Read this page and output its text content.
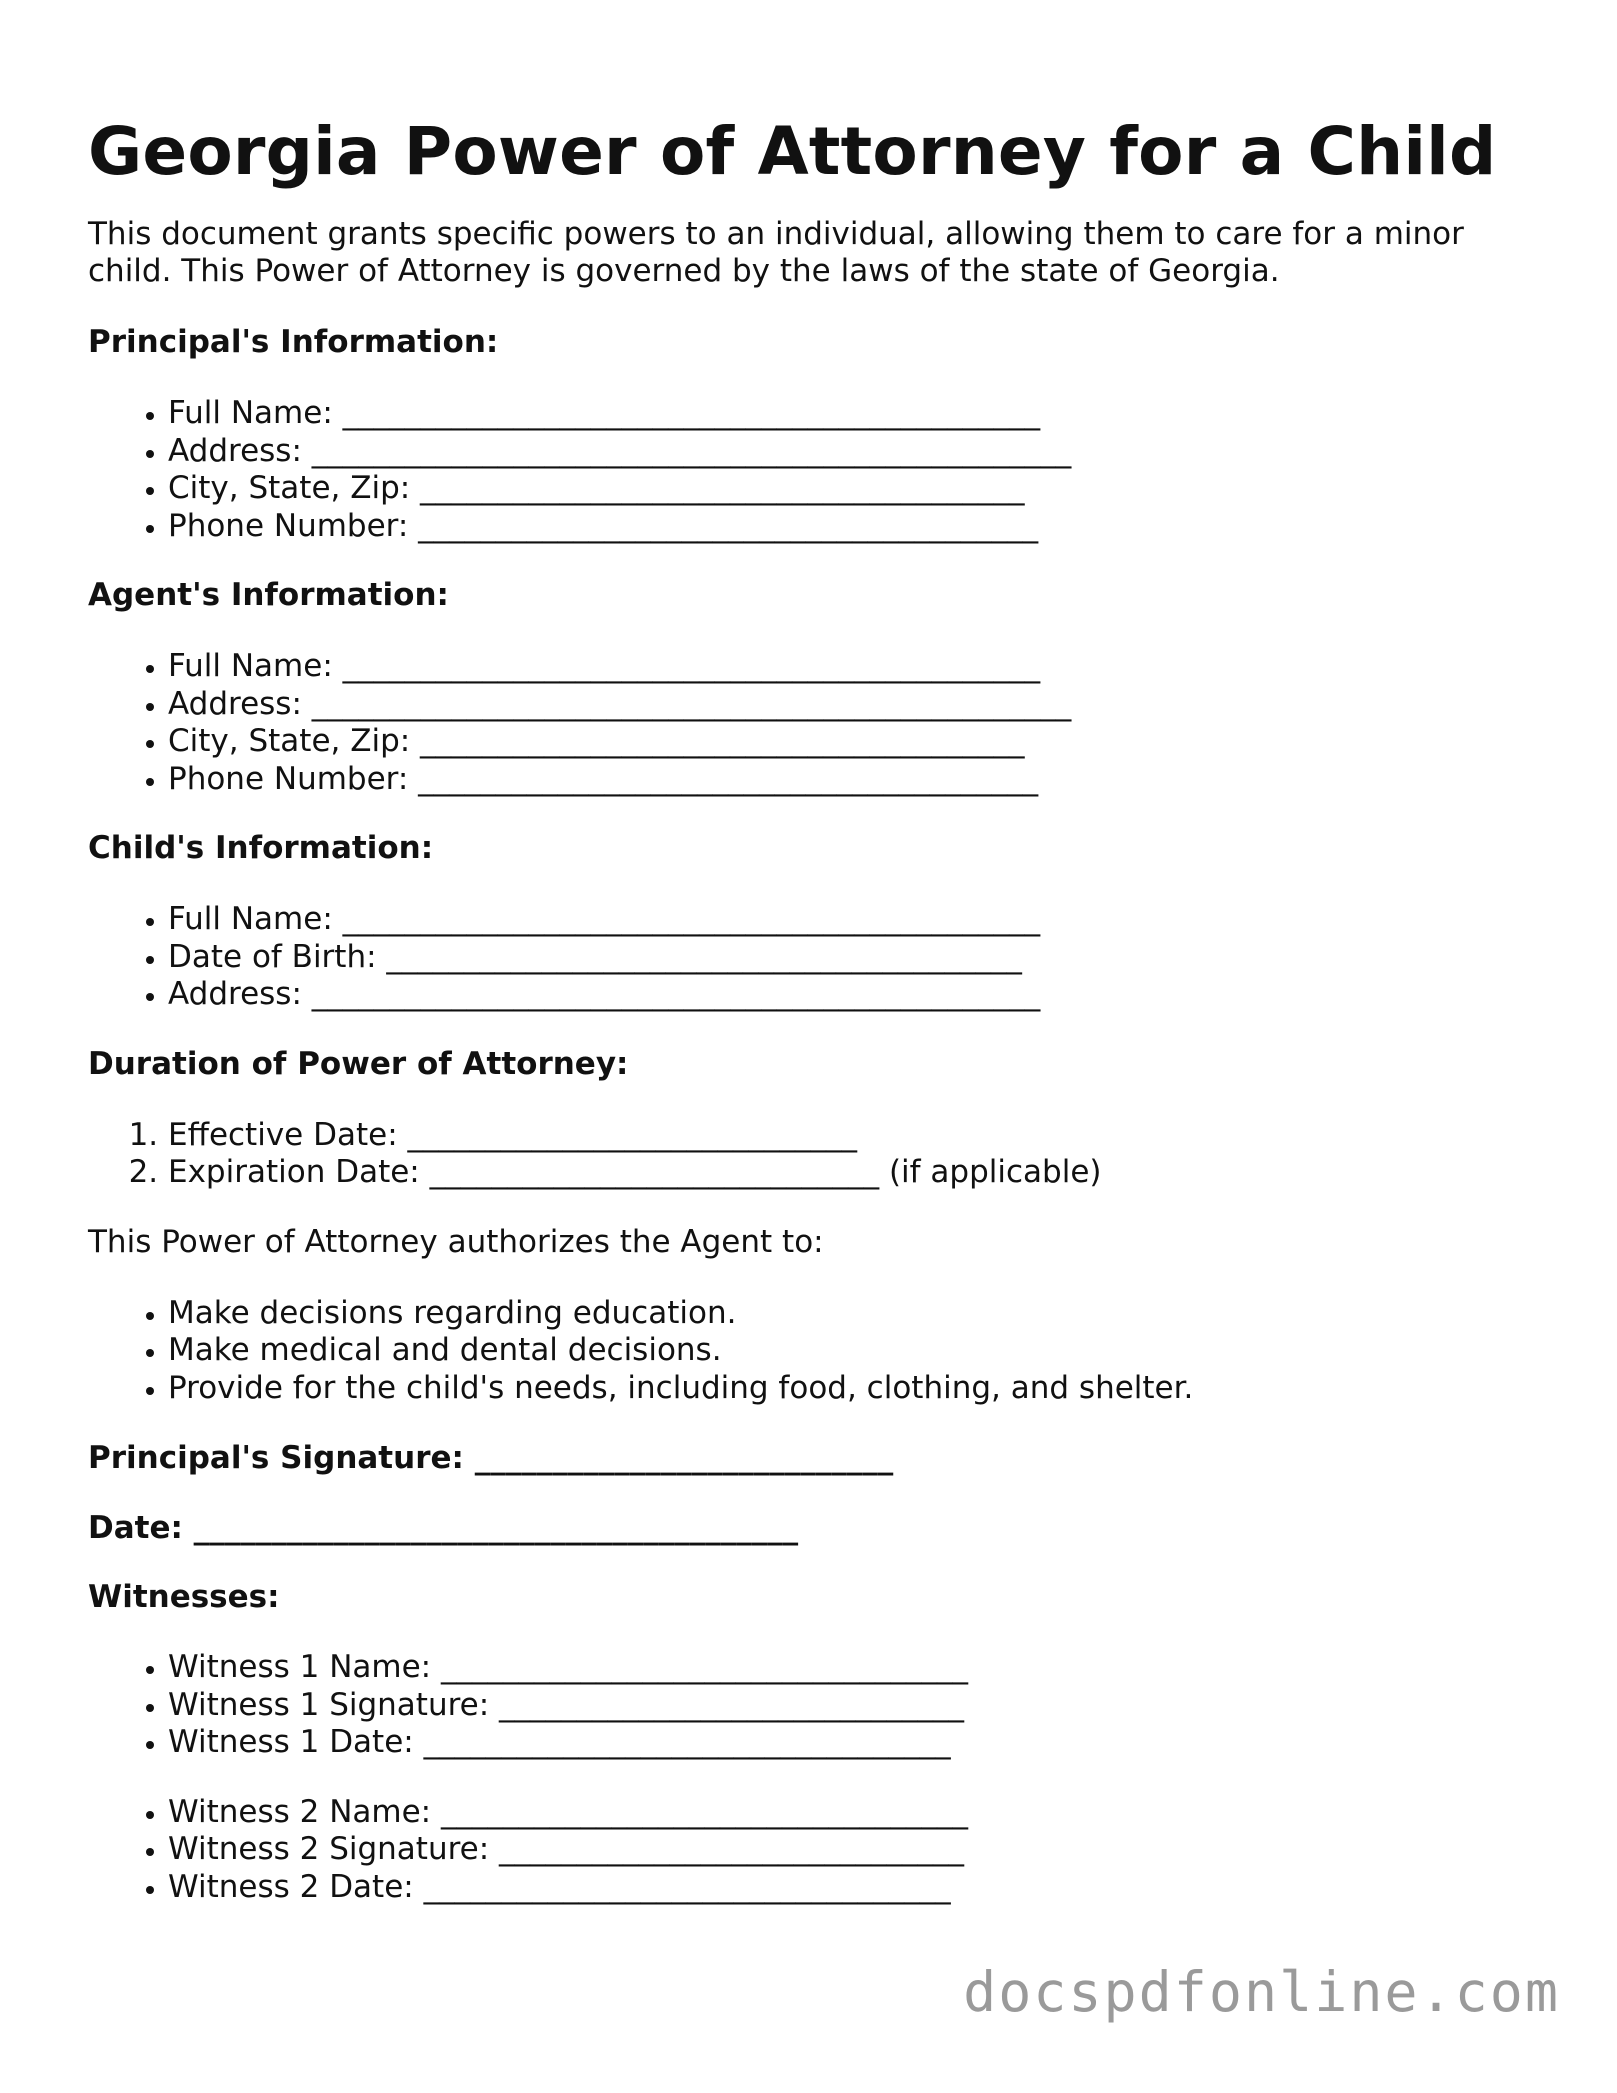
Georgia Power of Attorney for a Child

This document grants specific powers to an individual, allowing them to care for a minor child. This Power of Attorney is governed by the laws of the state of Georgia.

Principal's Information:

• Full Name: _____________________________________________
• Address: _________________________________________________
• City, State, Zip: _______________________________________
• Phone Number: ________________________________________

Agent's Information:

• Full Name: _____________________________________________
• Address: _________________________________________________
• City, State, Zip: _______________________________________
• Phone Number: ________________________________________

Child's Information:

• Full Name: _____________________________________________
• Date of Birth: _________________________________________
• Address: _______________________________________________

Duration of Power of Attorney:

1. Effective Date: _____________________________
2. Expiration Date: _____________________________ (if applicable)

This Power of Attorney authorizes the Agent to:

• Make decisions regarding education.
• Make medical and dental decisions.
• Provide for the child's needs, including food, clothing, and shelter.

Principal's Signature: ___________________________

Date: _______________________________________

Witnesses:

• Witness 1 Name: __________________________________
• Witness 1 Signature: ______________________________
• Witness 1 Date: __________________________________
• Witness 2 Name: __________________________________
• Witness 2 Signature: ______________________________
• Witness 2 Date: __________________________________
docspdfonline.com
